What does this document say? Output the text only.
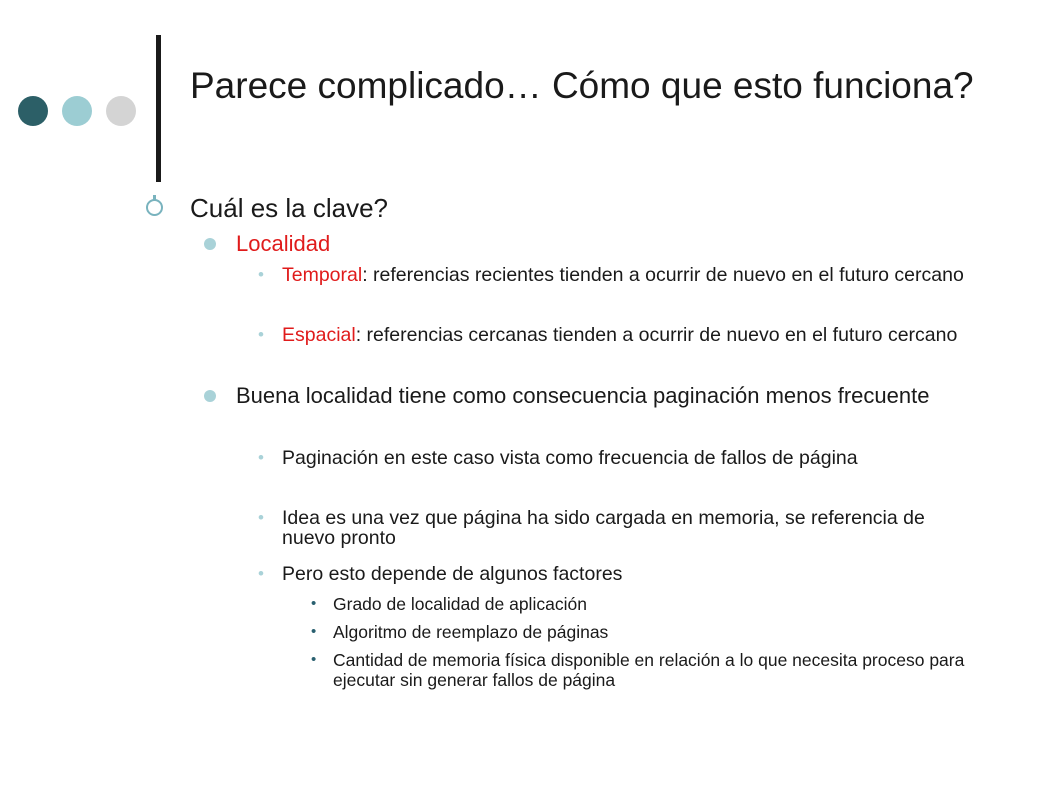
Parece complicado… Cómo que esto funciona?
Cuál es la clave?
Localidad
• Temporal: referencias recientes tienden a ocurrir de nuevo en el futuro cercano
• Espacial: referencias cercanas tienden a ocurrir de nuevo en el futuro cercano
Buena localidad tiene como consecuencia paginación menos frecuente
• Paginación en este caso vista como frecuencia de fallos de página
• Idea es una vez que página ha sido cargada en memoria, se referencia de nuevo pronto
• Pero esto depende de algunos factores
• Grado de localidad de aplicación
• Algoritmo de reemplazo de páginas
• Cantidad de memoria física disponible en relación a lo que necesita proceso para ejecutar sin generar fallos de página
